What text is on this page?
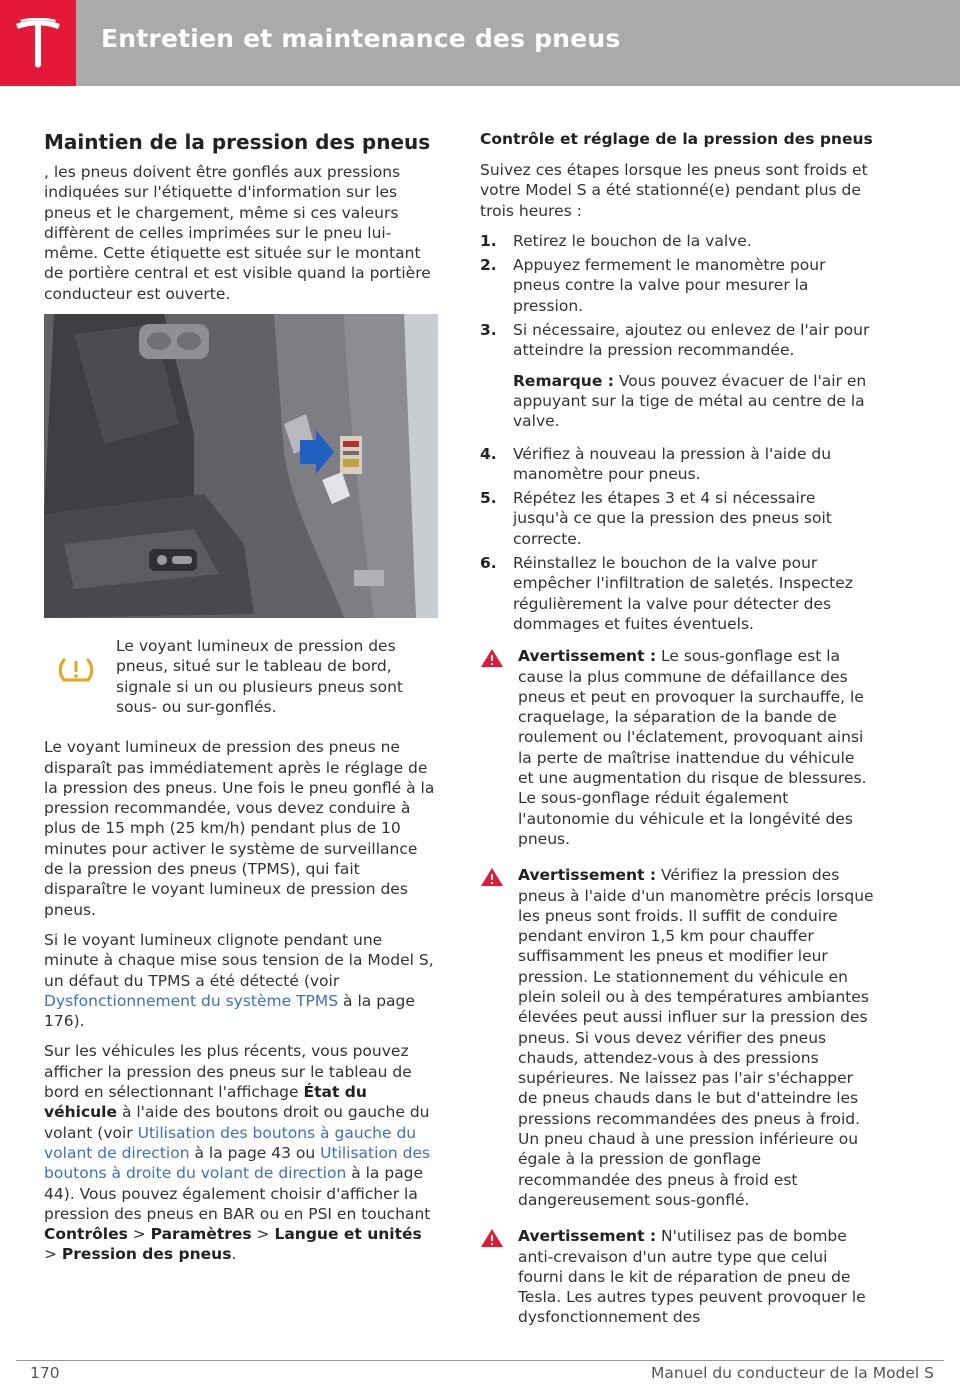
Entretien et maintenance des pneus
Maintien de la pression des pneus

, les pneus doivent être gonflés aux pressions indiquées sur l'étiquette d'information sur les pneus et le chargement, même si ces valeurs diffèrent de celles imprimées sur le pneu lui-même. Cette étiquette est située sur le montant de portière central et est visible quand la portière conducteur est ouverte.

Le voyant lumineux de pression des pneus, situé sur le tableau de bord, signale si un ou plusieurs pneus sont sous- ou sur-gonflés.

Le voyant lumineux de pression des pneus ne disparaît pas immédiatement après le réglage de la pression des pneus. Une fois le pneu gonflé à la pression recommandée, vous devez conduire à plus de 15 mph (25 km/h) pendant plus de 10 minutes pour activer le système de surveillance de la pression des pneus (TPMS), qui fait disparaître le voyant lumineux de pression des pneus.

Si le voyant lumineux clignote pendant une minute à chaque mise sous tension de la Model S, un défaut du TPMS a été détecté (voir Dysfonctionnement du système TPMS à la page 176).

Sur les véhicules les plus récents, vous pouvez afficher la pression des pneus sur le tableau de bord en sélectionnant l'affichage État du véhicule à l'aide des boutons droit ou gauche du volant (voir Utilisation des boutons à gauche du volant de direction à la page 43 ou Utilisation des boutons à droite du volant de direction à la page 44). Vous pouvez également choisir d'afficher la pression des pneus en BAR ou en PSI en touchant Contrôles > Paramètres > Langue et unités > Pression des pneus.

Contrôle et réglage de la pression des pneus

Suivez ces étapes lorsque les pneus sont froids et votre Model S a été stationné(e) pendant plus de trois heures :

1. Retirez le bouchon de la valve.
2. Appuyez fermement le manomètre pour pneus contre la valve pour mesurer la pression.
3. Si nécessaire, ajoutez ou enlevez de l'air pour atteindre la pression recommandée.

Remarque : Vous pouvez évacuer de l'air en appuyant sur la tige de métal au centre de la valve.

4. Vérifiez à nouveau la pression à l'aide du manomètre pour pneus.
5. Répétez les étapes 3 et 4 si nécessaire jusqu'à ce que la pression des pneus soit correcte.
6. Réinstallez le bouchon de la valve pour empêcher l'infiltration de saletés. Inspectez régulièrement la valve pour détecter des dommages et fuites éventuels.

Avertissement : Le sous-gonflage est la cause la plus commune de défaillance des pneus et peut en provoquer la surchauffe, le craquelage, la séparation de la bande de roulement ou l'éclatement, provoquant ainsi la perte de maîtrise inattendue du véhicule et une augmentation du risque de blessures. Le sous-gonflage réduit également l'autonomie du véhicule et la longévité des pneus.

Avertissement : Vérifiez la pression des pneus à l'aide d'un manomètre précis lorsque les pneus sont froids. Il suffit de conduire pendant environ 1,5 km pour chauffer suffisamment les pneus et modifier leur pression. Le stationnement du véhicule en plein soleil ou à des températures ambiantes élevées peut aussi influer sur la pression des pneus. Si vous devez vérifier des pneus chauds, attendez-vous à des pressions supérieures. Ne laissez pas l'air s'échapper de pneus chauds dans le but d'atteindre les pressions recommandées des pneus à froid. Un pneu chaud à une pression inférieure ou égale à la pression de gonflage recommandée des pneus à froid est dangereusement sous-gonflé.

Avertissement : N'utilisez pas de bombe anti-crevaison d'un autre type que celui fourni dans le kit de réparation de pneu de Tesla. Les autres types peuvent provoquer le dysfonctionnement des

170	Manuel du conducteur de la Model S
